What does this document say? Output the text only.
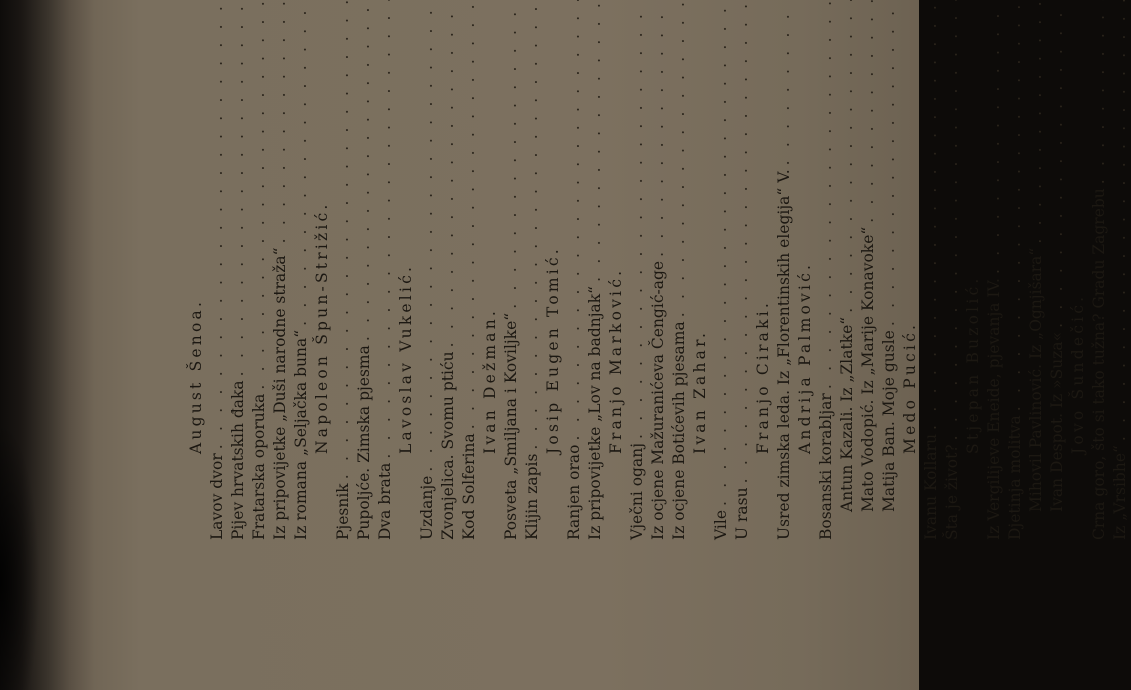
August Šenoa.
Lavov dvor
. . . Pijev hrvatskih đaka
. . . Fratarska oporuka
. . . Iz pripovijetke „Duši narodne straža“
. . . Iz romana „Seljačka buna“
. . . Napoleon Špun-Strižić.
Pjesnik . . . Pupoljće. Zimska pjesma
. . . Dva brata
. . .
Lavoslav Vukelić.
Uzdanje . . . Zvonjelica. Svomu ptiću
. . . Kod Solferina
. . .
Ivan Dežman. Posveta „Smiljana i Kovilјke“
. . . Klijin zapis
. . .
Josip Eugen Tomić.
Ranjen orao . . . Iz pripovijetke „Lov na badnjak“
. . . Franjo Marković.
Vječni oganj . . . Iz ocjene Mažuranićeva Čengić-age
. . . Iz ocjene Botićevih pjesama
. . . Ivan Zahar.
Vile
. . . U rasu
. . .
Franjo Ciraki. Usred zimska leda. Iz „Florentinskih elegija“ V.
. . . Andrija Palmović.
Bosanski korabljar
. . . Antun Kazali. Iz „Zlatke“
. . . Mato Vodopić. Iz „Marije Konavoke“
. . . Matija Ban. Moje gusle
. . . Medo Pucić.
Ivanu Kollaru
. . . Šta je život?
. . .
Stjepan Buzolić. Iz Vergilijeve Eneide, pjevanja IV.
. . . Djetinja molitva . . . Mihovil Pavlinović. Iz „Ognjišara“
. . . Ivan Despot. Iz »Suza«
. . . Jovo Šundečić. Crna goro, što si tako tužna? Gradu Zagrebu
. . . Iz „Vrsibhe“
. . .
